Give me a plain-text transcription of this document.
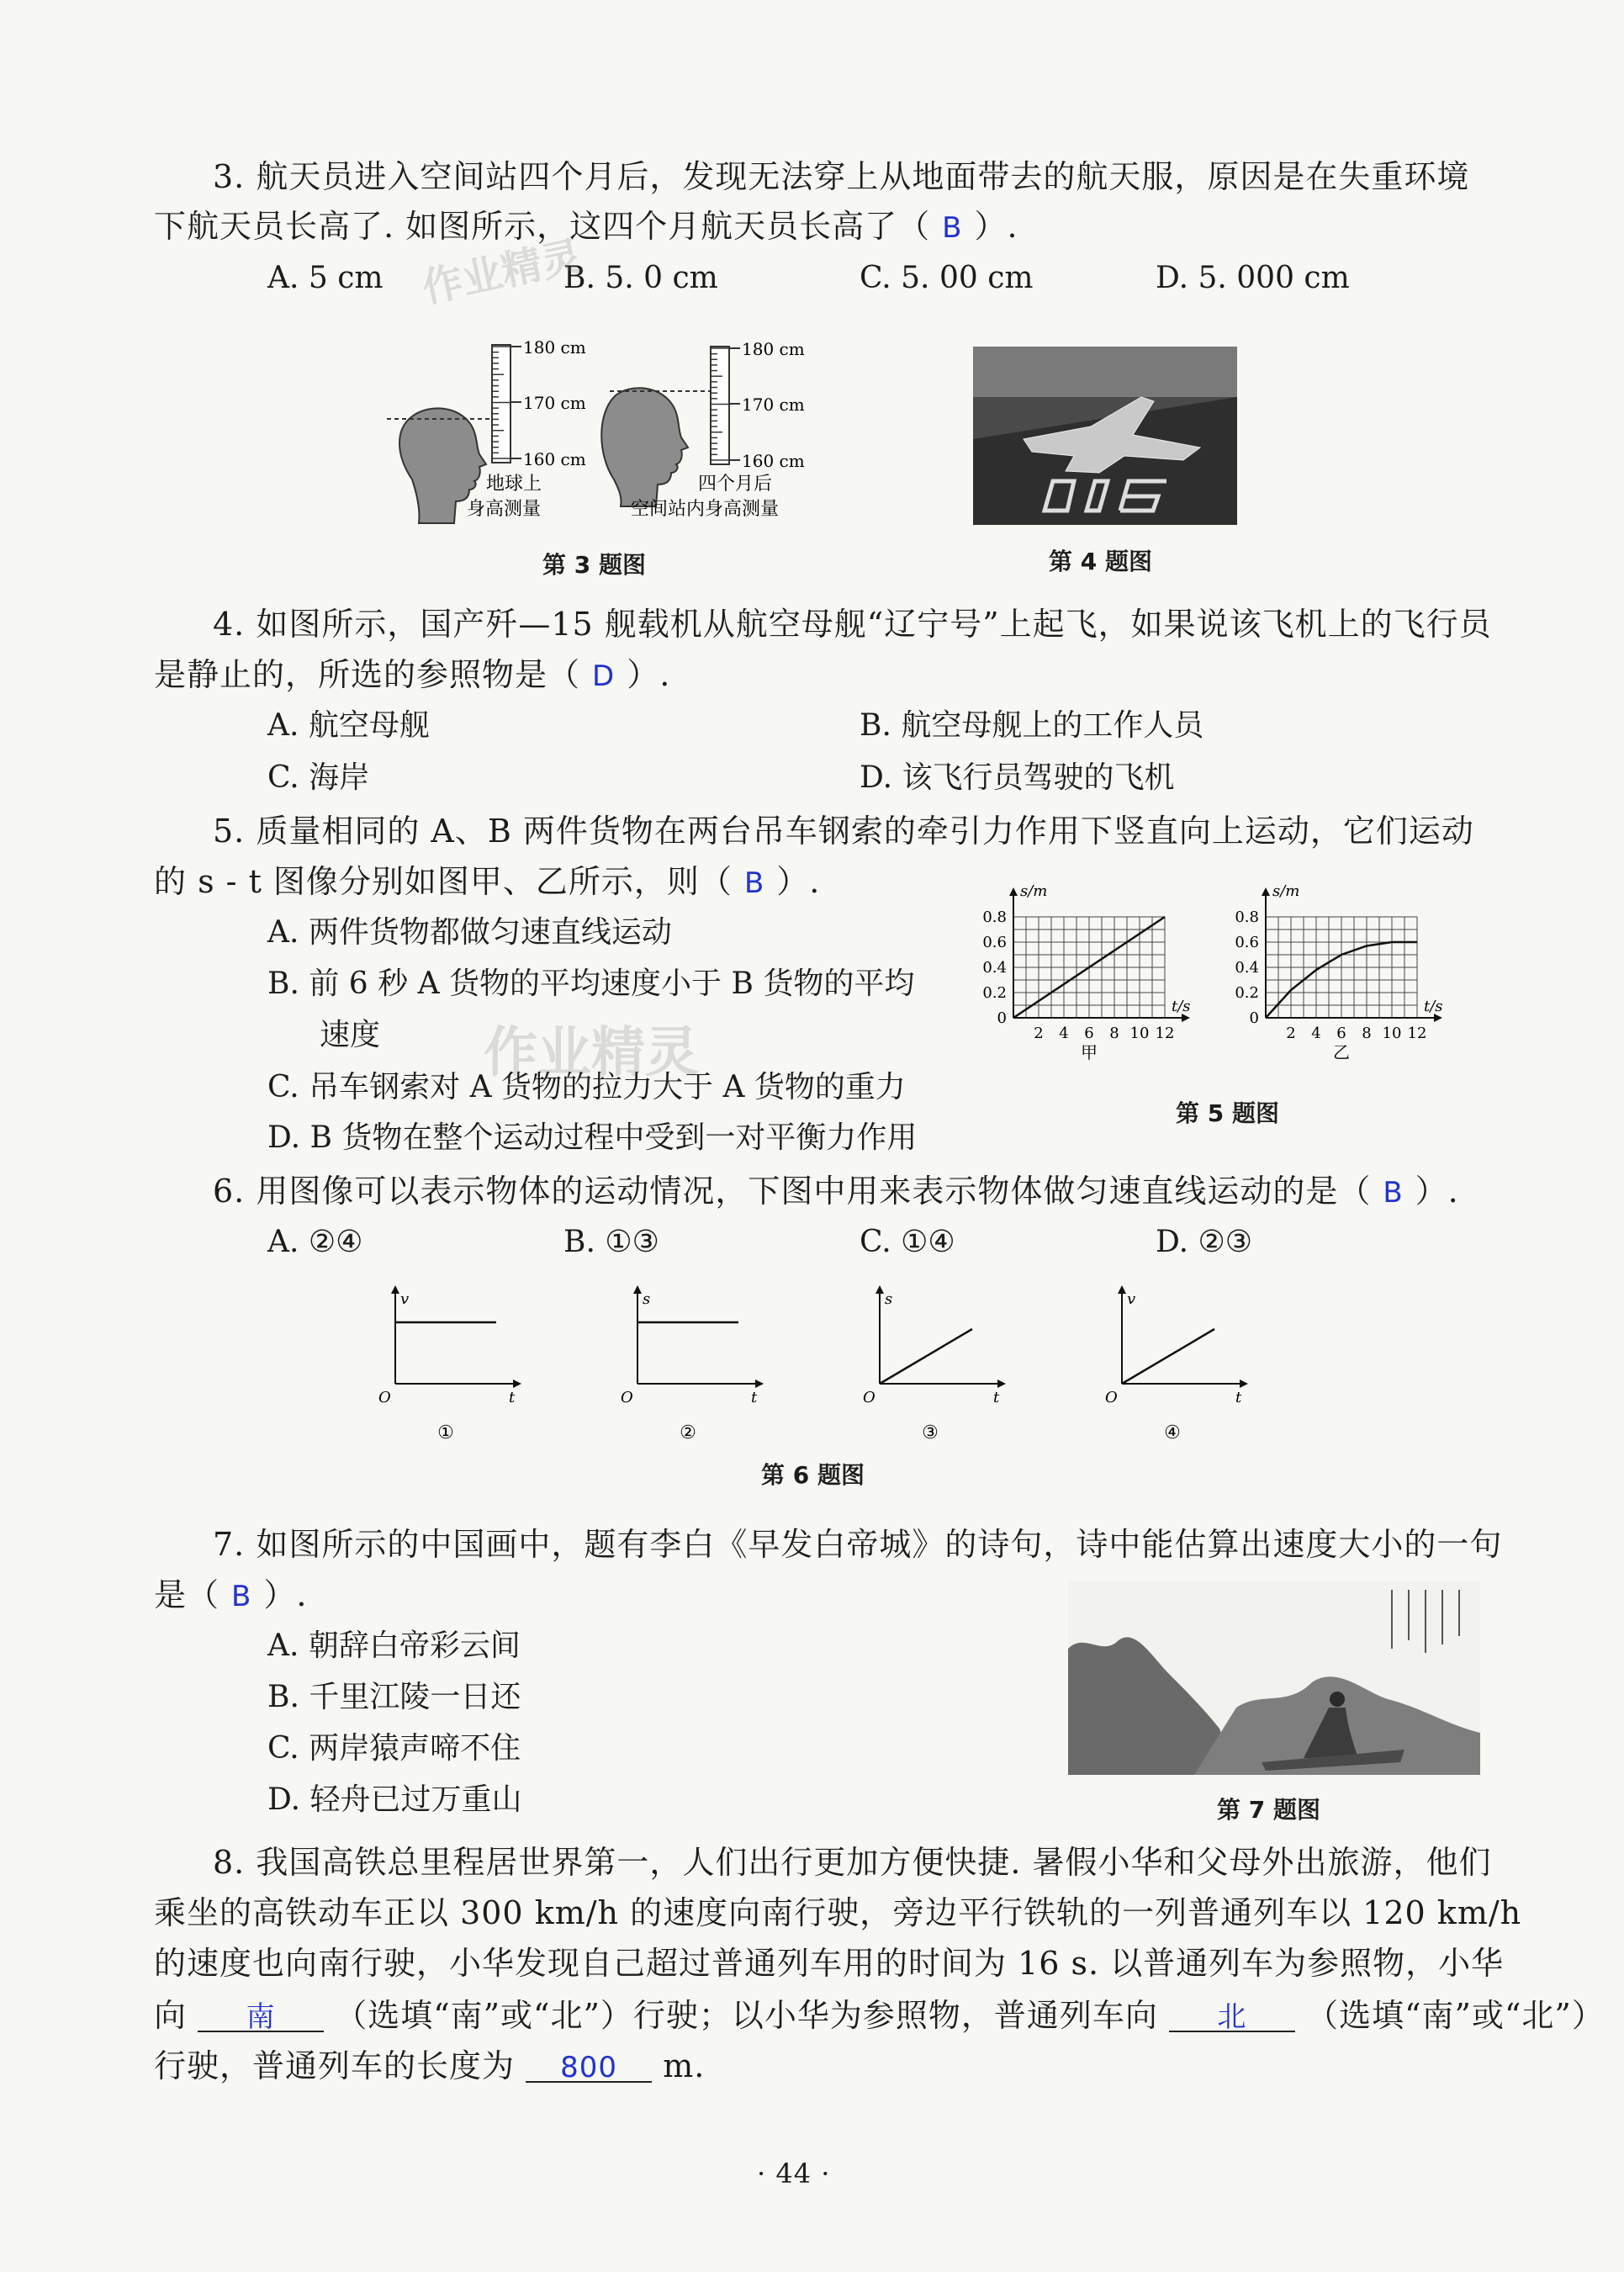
3. 航天员进入空间站四个月后，发现无法穿上从地面带去的航天服，原因是在失重环境
下航天员长高了. 如图所示，这四个月航天员长高了（ B ）.
A. 5 cm	B. 5. 0 cm	C. 5. 00 cm	D. 5. 000 cm
180 cm
170 cm
160 cm
地球上
身高测量
180 cm
170 cm
160 cm
四个月后
空间站内身高测量
第 3 题图	第 4 题图
4. 如图所示，国产歼—15 舰载机从航空母舰“辽宁号”上起飞，如果说该飞机上的飞行员
是静止的，所选的参照物是（ D ）.
A. 航空母舰	B. 航空母舰上的工作人员
C. 海岸	D. 该飞行员驾驶的飞机
5. 质量相同的 A、B 两件货物在两台吊车钢索的牵引力作用下竖直向上运动，它们运动
的 s - t 图像分别如图甲、乙所示，则（ B ）.
A. 两件货物都做匀速直线运动
B. 前 6 秒 A 货物的平均速度小于 B 货物的平均
速度
C. 吊车钢索对 A 货物的拉力大于 A 货物的重力
D. B 货物在整个运动过程中受到一对平衡力作用
s/m
t/s
0.8
0.6
0.4
0.2
0
2 4 6 8 10 12
甲
s/m
t/s
0.8
0.6
0.4
0.2
0
2 4 6 8 10 12
乙
第 5 题图
6. 用图像可以表示物体的运动情况，下图中用来表示物体做匀速直线运动的是（ B ）.
A. ②④	B. ①③	C. ①④	D. ②③
v
t
O
①
s
t
O
②
s
t
O
③
v
t
O
④
第 6 题图
7. 如图所示的中国画中，题有李白《早发白帝城》的诗句，诗中能估算出速度大小的一句
是（ B ）.
A. 朝辞白帝彩云间
B. 千里江陵一日还
C. 两岸猿声啼不住
D. 轻舟已过万重山	第 7 题图
8. 我国高铁总里程居世界第一，人们出行更加方便快捷. 暑假小华和父母外出旅游，他们
乘坐的高铁动车正以 300 km/h 的速度向南行驶，旁边平行铁轨的一列普通列车以 120 km/h
的速度也向南行驶，小华发现自己超过普通列车用的时间为 16 s. 以普通列车为参照物，小华
向 南 （选填“南”或“北”）行驶；以小华为参照物，普通列车向 北 （选填“南”或“北”）
行驶，普通列车的长度为 800 m.
· 44 ·
作业精灵
作业精灵
